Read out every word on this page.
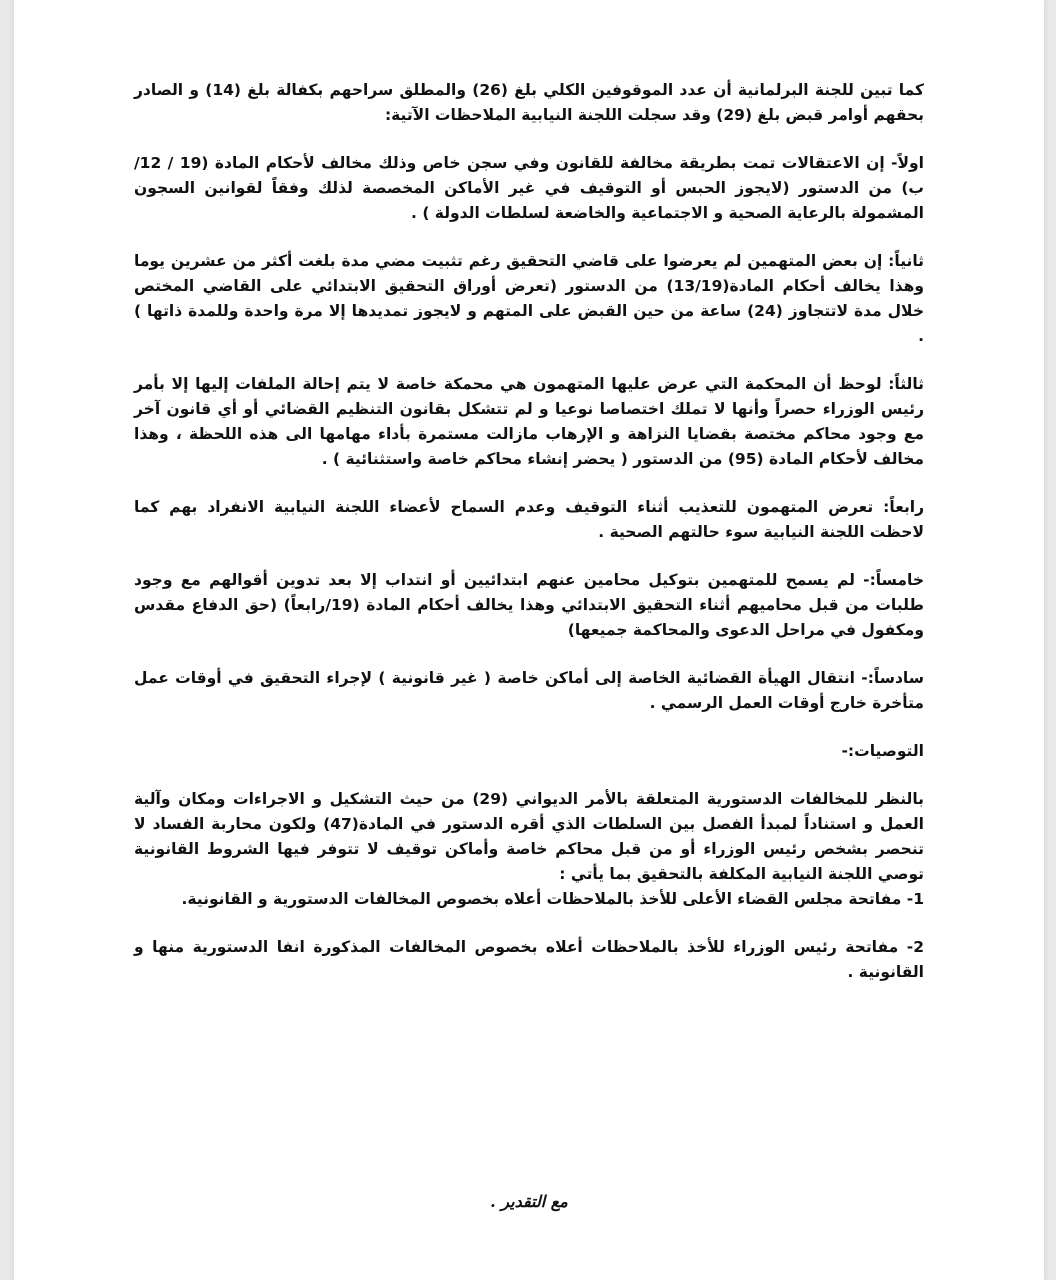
كما تبين للجنة البرلمانية أن عدد الموقوفين الكلي بلغ (26) والمطلق سراحهم بكفالة بلغ (14) و الصادر بحقهم أوامر قبض بلغ (29) وقد سجلت اللجنة النيابية الملاحظات الآتية:

اولاً- إن الاعتقالات تمت بطريقة مخالفة للقانون وفي سجن خاص وذلك مخالف لأحكام المادة (19 / 12/ب) من الدستور (لايجوز الحبس أو التوقيف في غير الأماكن المخصصة لذلك وفقاً لقوانين السجون المشمولة بالرعاية الصحية و الاجتماعية والخاضعة لسلطات الدولة ) .

ثانياً: إن بعض المتهمين لم يعرضوا على قاضي التحقيق رغم تثبيت مضي مدة بلغت أكثر من عشرين يوما وهذا يخالف أحكام المادة(13/19) من الدستور (تعرض أوراق التحقيق الابتدائي على القاضي المختص خلال مدة لاتتجاوز (24) ساعة من حين القبض على المتهم و لايجوز تمديدها إلا مرة واحدة وللمدة ذاتها ) .

ثالثاً: لوحظ أن المحكمة التي عرض عليها المتهمون هي محمكة خاصة لا يتم إحالة الملفات إليها إلا بأمر رئيس الوزراء حصراً وأنها لا تملك اختصاصا نوعيا و لم تتشكل بقانون التنظيم القضائي أو أي قانون آخر مع وجود محاكم مختصة بقضايا النزاهة و الإرهاب مازالت مستمرة بأداء مهامها الى هذه اللحظة ، وهذا مخالف لأحكام المادة (95) من الدستور ( يحضر إنشاء محاكم خاصة واستثنائية ) .

رابعاً: تعرض المتهمون للتعذيب أثناء التوقيف وعدم السماح لأعضاء اللجنة النيابية الانفراد بهم كما لاحظت اللجنة النيابية سوء حالتهم الصحية .

خامساً:- لم يسمح للمتهمين بتوكيل محامين عنهم ابتدائيين أو انتداب إلا بعد تدوين أقوالهم مع وجود طلبات من قبل محاميهم أثناء التحقيق الابتدائي وهذا يخالف أحكام المادة (19/رابعاً) (حق الدفاع مقدس ومكفول في مراحل الدعوى والمحاكمة جميعها)

سادساً:- انتقال الهيأة القضائية الخاصة إلى أماكن خاصة ( غير قانونية ) لإجراء التحقيق في أوقات عمل متأخرة خارج أوقات العمل الرسمي .

التوصيات:-

بالنظر للمخالفات الدستورية المتعلقة بالأمر الديواني (29) من حيث التشكيل و الاجراءات ومكان وآلية العمل و استناداً لمبدأ الفصل بين السلطات الذي أقره الدستور في المادة(47) ولكون محاربة الفساد لا تنحصر بشخص رئيس الوزراء أو من قبل محاكم خاصة وأماكن توقيف لا تتوفر فيها الشروط القانونية توصي اللجنة النيابية المكلفة بالتحقيق بما يأتي :

1- مفاتحة مجلس القضاء الأعلى للأخذ بالملاحظات أعلاه بخصوص المخالفات الدستورية و القانونية.

2- مفاتحة رئيس الوزراء للأخذ بالملاحظات أعلاه بخصوص المخالفات المذكورة انفا الدستورية منها و القانونية .

مع التقدير .
